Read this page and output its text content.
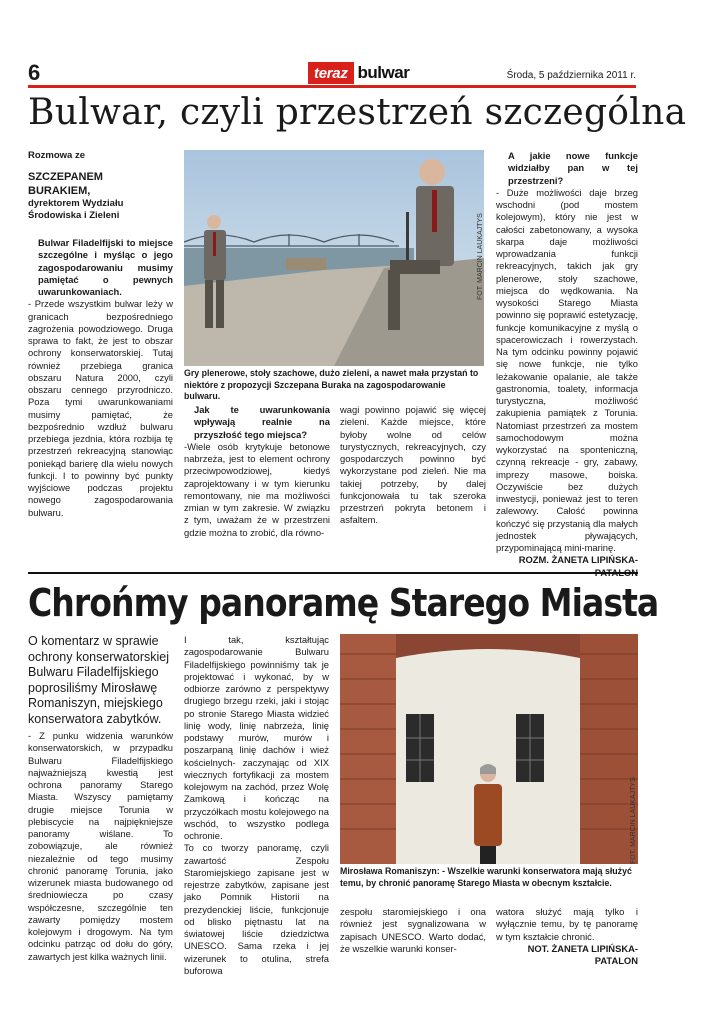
6	teraz bulwar	Środa, 5 października 2011 r.
Bulwar, czyli przestrzeń szczególna
Rozmowa ze
SZCZEPANEM BURAKIEM,
dyrektorem Wydziału Środowiska i Zieleni

Bulwar Filadelfijski to miejsce szczególne i myśląc o jego zagospodarowaniu musimy pamiętać o pewnych uwarunkowaniach.

- Przede wszystkim bulwar leży w granicach bezpośredniego zagrożenia powodziowego. Druga sprawa to fakt, że jest to obszar ochrony konserwatorskiej. Tutaj również przebiega granica obszaru Natura 2000, czyli obszaru cennego przyrodniczo. Poza tymi uwarunkowaniami musimy pamiętać, że bezpośrednio wzdłuż bulwaru przebiega jezdnia, która rozbija tę przestrzeń rekreacyjną stanowiąc poniekąd barierę dla wielu nowych funkcji. I to powinny być punkty wyjściowe podczas projektu nowego zagospodarowania bulwaru.

FOT. MARCIN LAUKAJTYS
Gry plenerowe, stoły szachowe, dużo zieleni, a nawet mała przystań to niektóre z propozycji Szczepana Buraka na zagospodarowanie bulwaru.

Jak te uwarunkowania wpływają realnie na przyszłość tego miejsca?

-Wiele osób krytykuje betonowe nabrzeża, jest to element ochrony przeciwpowodziowej, kiedyś zaprojektowany i w tym kierunku remontowany, nie ma możliwości zmian w tym zakresie. W związku z tym, uważam że w przestrzeni gdzie można to zrobić, dla równo-

wagi powinno pojawić się więcej zieleni. Każde miejsce, które byłoby wolne od celów turystycznych, rekreacyjnych, czy gospodarczych powinno być wykorzystane pod zieleń. Nie ma takiej potrzeby, by dalej funkcjonowała tu tak szeroka przestrzeń pokryta betonem i asfaltem.

A jakie nowe funkcje widziałby pan w tej przestrzeni?

- Duże możliwości daje brzeg wschodni (pod mostem kolejowym), który nie jest w całości zabetonowany, a wysoka skarpa daje możliwości wprowadzania funkcji rekreacyjnych, takich jak gry plenerowe, stoły szachowe, miejsca do wędkowania. Na wysokości Starego Miasta powinno się poprawić estetyzację, funkcje komunikacyjne z myślą o spacerowiczach i rowerzystach. Na tym odcinku powinny pojawić się nowe funkcje, nie tylko leżakowanie opalanie, ale także gastronomia, toalety, informacja turystyczna, możliwość zakupienia pamiątek z Torunia. Natomiast przestrzeń za mostem samochodowym można wykorzystać na sponteniczną, czynną rekreacje - gry, zabawy, imprezy masowe, boiska. Oczywiście bez dużych inwestycji, ponieważ jest to teren zalewowy. Całość powinna kończyć się przystanią dla małych jednostek pływających, przypominającą mini-marinę.

ROZM. ŻANETA LIPIŃSKA-

Chrońmy panoramę Starego Miasta
O komentarz w sprawie ochrony konserwatorskiej Bulwaru Filadelfijskiego poprosiliśmy Mirosławę Romaniszyn, miejskiego konserwatora zabytków.

- Z punku widzenia warunków konserwatorskich, w przypadku Bulwaru Filadelfijskiego najważniejszą kwestią jest ochrona panoramy Starego Miasta. Wszyscy pamiętamy drugie miejsce Torunia w plebiscycie na najpiękniejsze panoramy wiślane. To zobowiązuje, ale również niezależnie od tego musimy chronić panoramę Torunia, jako wizerunek miasta budowanego od średniowiecza po czasy współczesne, szczególnie ten zawarty pomiędzy mostem kolejowym i drogowym. Na tym odcinku patrząc od dołu do góry, zawartych jest kilka ważnych linii.

I tak, kształtując zagospodarowanie Bulwaru Filadelfijskiego powinniśmy tak je projektować i wykonać, by w odbiorze zarówno z perspektywy drugiego brzegu rzeki, jaki i stojąc po stronie Starego Miasta widzieć linię wody, linię nabrzeża, linię podstawy murów, murów i poszarpaną linię dachów i wież kościelnych- zaczynając od XIX wiecznych fortyfikacji za mostem kolejowym na zachód, przez Wolę Zamkową i kończąc na przyczółkach mostu kolejowego na wschód, to wszystko podlega ochronie.

To co tworzy panoramę, czyli zawartość Zespołu Staromiejskiego zapisane jest w rejestrze zabytków, zapisane jest jako Pomnik Historii na prezydenckiej liście, funkcjonuje od blisko piętnastu lat na światowej liście dziedzictwa UNESCO. Sama rzeka i jej wizerunek to otulina, strefa buforowa

FOT. MARCIN LAUKAJTYS
Mirosława Romaniszyn: - Wszelkie warunki konserwatora mają służyć temu, by chronić panoramę Starego Miasta w obecnym kształcie.

zespołu staromiejskiego i ona również jest sygnalizowana w zapisach UNESCO. Warto dodać, że wszelkie warunki konser-

watora służyć mają tylko i wyłącznie temu, by tę panoramę w tym kształcie chronić.

NOT. ŻANETA LIPIŃSKA-PATALON
